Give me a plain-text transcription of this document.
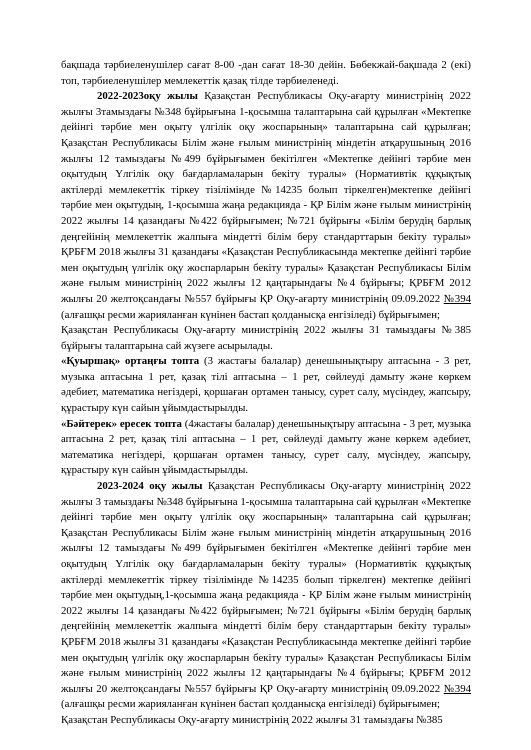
бақшада тәрбиеленушілер сағат 8-00 -дан сағат 18-30 дейін. Бөбекжай-бақшада 2 (екі) топ, тәрбиеленушілер мемлекеттік қазақ тілде тәрбиеленеді.

2022-2023оқу жылы Қазақстан Республикасы Оқу-ағарту министрінің 2022 жылғы 3тамыздағы №348 бұйрығына 1-қосымша талаптарына сай құрылған «Мектепке дейінгі тәрбие мен оқыту үлгілік оқу жоспарының» талаптарына сай құрылған; Қазақстан Республикасы Білім және ғылым министрінің міндетін атқарушының 2016 жылғы 12 тамыздағы №499 бұйрығымен бекітілген «Мектепке дейінгі тәрбие мен оқытудың Үлгілік оқу бағдарламаларын бекіту туралы» (Нормативтік құқықтық актілерді мемлекеттік тіркеу тізілімінде №14235 болып тіркелген)мектепке дейінгі тәрбие мен оқытудың, 1-қосымша жаңа редакцияда - ҚР Білім және ғылым министрінің 2022 жылғы 14 қазандағы №422 бұйрығымен; №721 бұйрығы «Білім берудің барлық деңгейінің мемлекеттік жалпыға міндетті білім беру стандарттарын бекіту туралы» ҚРБҒМ 2018 жылғы 31 қазандағы «Қазақстан Республикасында мектепке дейінгі тәрбие мен оқытудың үлгілік оқу жоспарларын бекіту туралы» Қазақстан Республикасы Білім және ғылым министрінің 2022 жылғы 12 қаңтарындағы №4 бұйрығы; ҚРБҒМ 2012 жылғы 20 желтоқсандағы №557 бұйрығы ҚР Оқу-ағарту министрінің 09.09.2022 №394 (алғашқы ресми жарияланған күнінен бастап қолданысқа енгізіледі) бұйрығымен;

Қазақстан Республикасы Оқу-ағарту министрінің 2022 жылғы 31 тамыздағы №385 бұйрығы талаптарына сай жүзеге асырылады.

«Қуыршақ» ортаңғы топта (3 жастағы балалар) денешынықтыру аптасына - 3 рет, музыка аптасына 1 рет, қазақ тілі аптасына – 1 рет, сөйлеуді дамыту және көркем әдебиет, математика негіздері, қоршаған ортамен танысу, сурет салу, мүсіндеу, жапсыру, құрастыру күн сайын ұйымдастырылды.

«Бәйтерек» ересек топта (4жастағы балалар) денешынықтыру аптасына - 3 рет, музыка аптасына 2 рет, қазақ тілі аптасына – 1 рет, сөйлеуді дамыту және көркем әдебиет, математика негіздері, қоршаған ортамен танысу, сурет салу, мүсіндеу, жапсыру, құрастыру күн сайын ұйымдастырылды.

2023-2024 оқу жылы Қазақстан Республикасы Оқу-ағарту министрінің 2022 жылғы 3 тамыздағы №348 бұйрығына 1-қосымша талаптарына сай құрылған «Мектепке дейінгі тәрбие мен оқыту үлгілік оқу жоспарының» талаптарына сай құрылған; Қазақстан Республикасы Білім және ғылым министрінің міндетін атқарушының 2016 жылғы 12 тамыздағы №499 бұйрығымен бекітілген «Мектепке дейінгі тәрбие мен оқытудың Үлгілік оқу бағдарламаларын бекіту туралы» (Нормативтік құқықтық актілерді мемлекеттік тіркеу тізілімінде №14235 болып тіркелген) мектепке дейінгі тәрбие мен оқытудың,1-қосымша жаңа редакцияда - ҚР Білім және ғылым министрінің 2022 жылғы 14 қазандағы №422 бұйрығымен; №721 бұйрығы «Білім берудің барлық деңгейінің мемлекеттік жалпыға міндетті білім беру стандарттарын бекіту туралы» ҚРБҒМ 2018 жылғы 31 қазандағы «Қазақстан Республикасында мектепке дейінгі тәрбие мен оқытудың үлгілік оқу жоспарларын бекіту туралы» Қазақстан Республикасы Білім және ғылым министрінің 2022 жылғы 12 қаңтарындағы №4 бұйрығы; ҚРБҒМ 2012 жылғы 20 желтоқсандағы №557 бұйрығы ҚР Оқу-ағарту министрінің 09.09.2022 №394 (алғашқы ресми жарияланған күнінен бастап қолданысқа енгізіледі) бұйрығымен;

Қазақстан Республикасы Оқу-ағарту министрінің 2022 жылғы 31 тамыздағы №385
